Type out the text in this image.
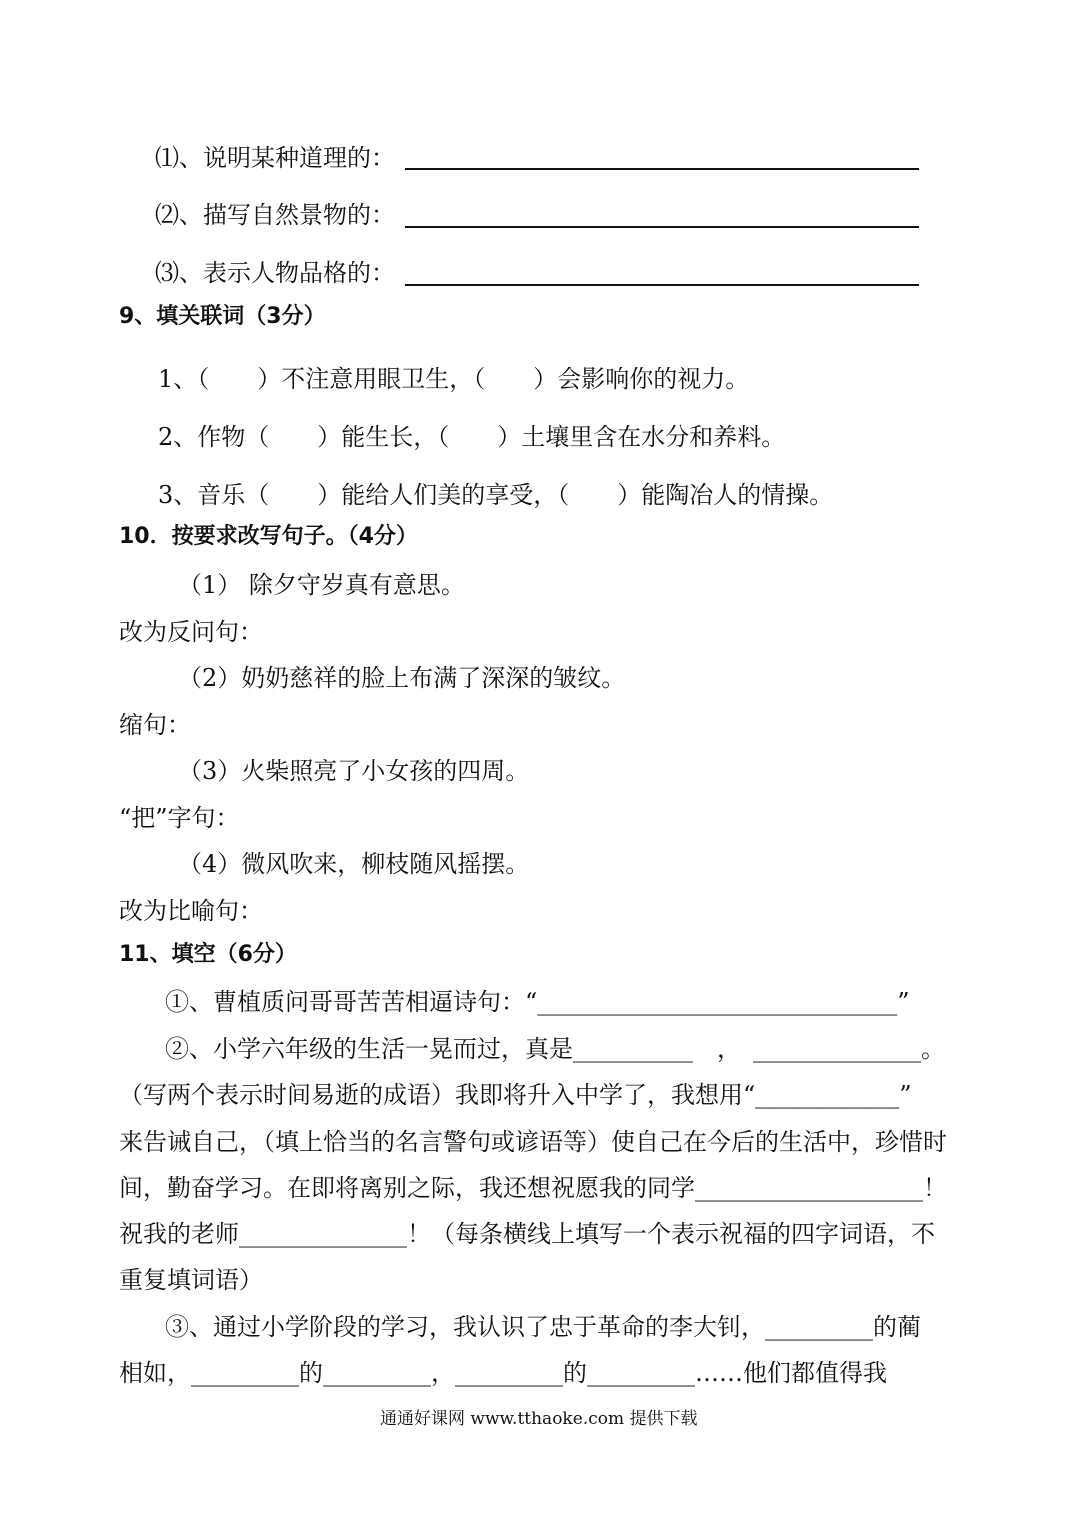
⑴、说明某种道理的：
⑵、描写自然景物的：
⑶、表示人物品格的：
9、填关联词（3分）
1、（　　）不注意用眼卫生，（　　）会影响你的视力。
2、作物（　　）能生长，（　　）土壤里含在水分和养料。
3、音乐（　　）能给人们美的享受，（　　）能陶冶人的情操。
10．按要求改写句子。（4分）
（1） 除夕守岁真有意思。
改为反问句：
（2）奶奶慈祥的脸上布满了深深的皱纹。
缩句：
（3）火柴照亮了小女孩的四周。
“把”字句：
（4）微风吹来，柳枝随风摇摆。
改为比喻句：
11、填空（6分）
①、曹植质问哥哥苦苦相逼诗句：“______________________________”
②、小学六年级的生活一晃而过，真是__________　，　______________。
（写两个表示时间易逝的成语）我即将升入中学了，我想用“____________”
来告诫自己，（填上恰当的名言警句或谚语等）使自己在今后的生活中，珍惜时
间，勤奋学习。在即将离别之际，我还想祝愿我的同学___________________！
祝我的老师______________！（每条横线上填写一个表示祝福的四字词语，不
重复填词语）
③、通过小学阶段的学习，我认识了忠于革命的李大钊，_________的蔺
相如，_________的_________，_________的_________……他们都值得我
通通好课网 www.tthaoke.com 提供下载
